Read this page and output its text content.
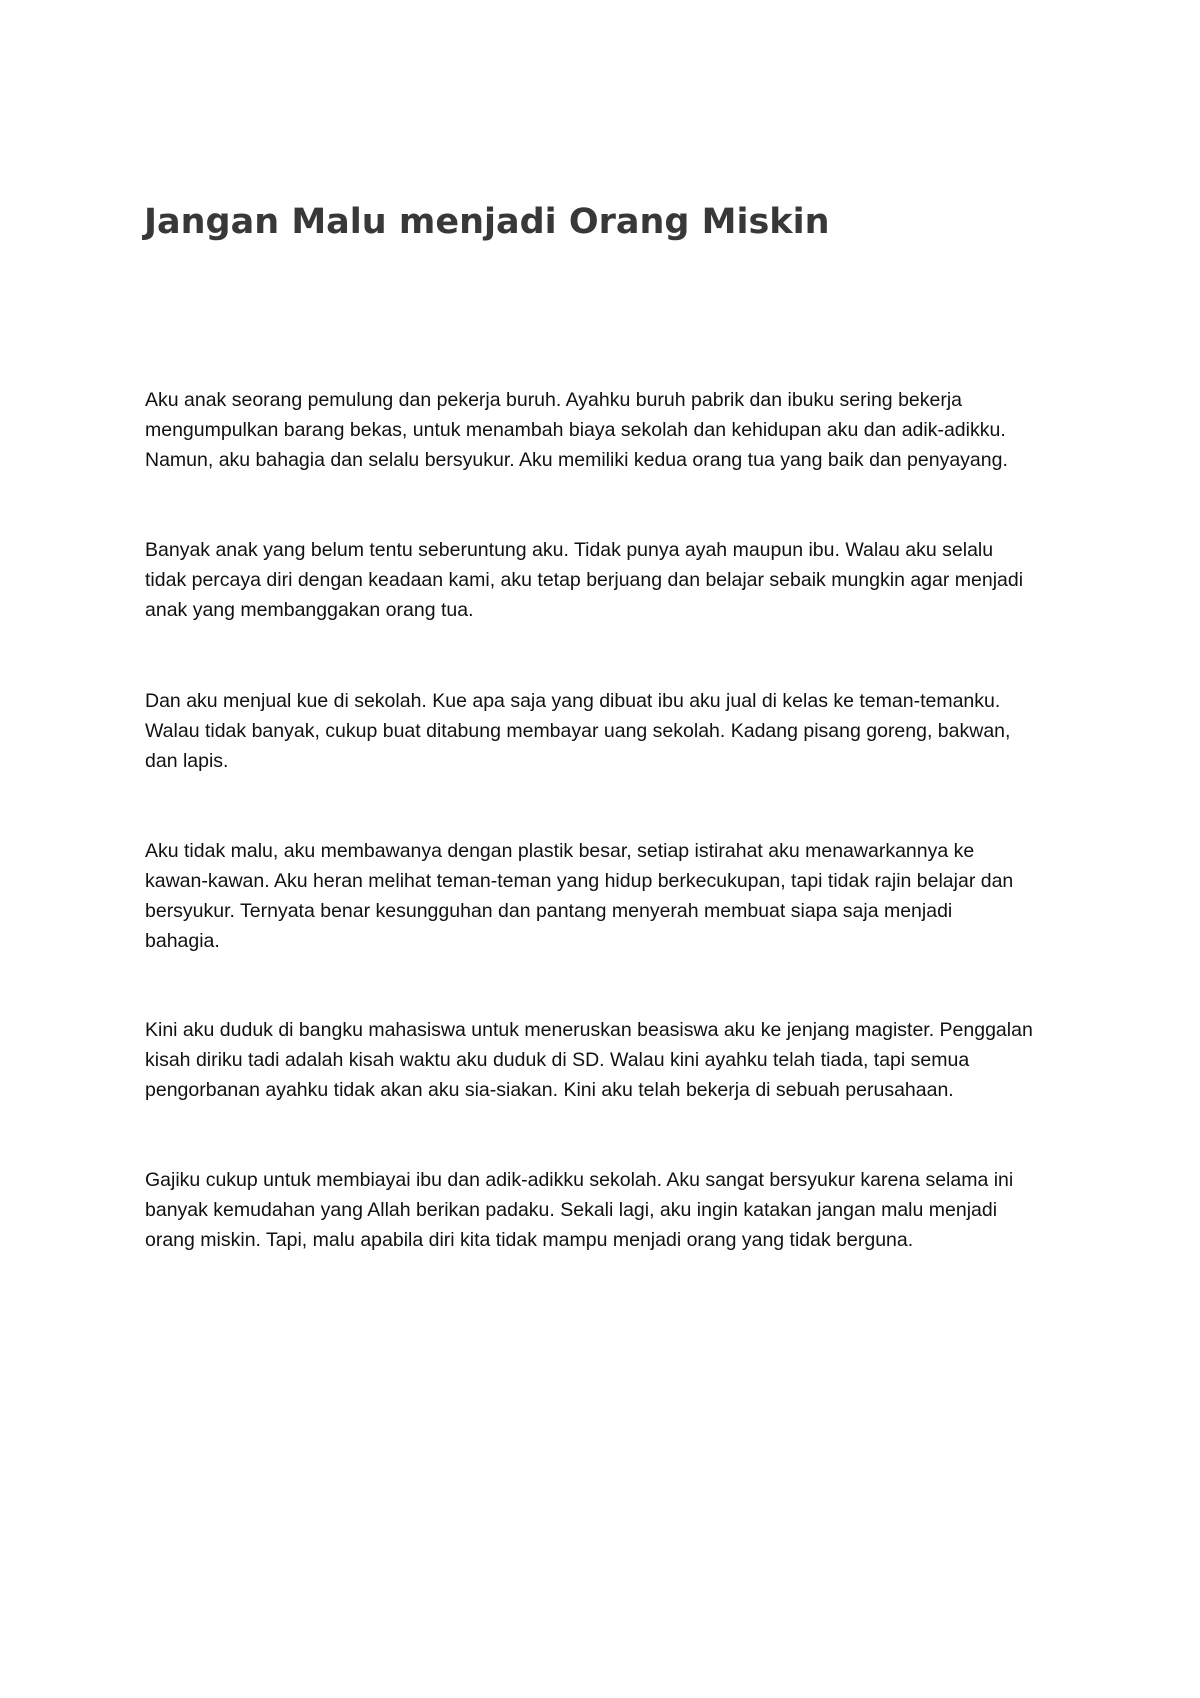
Jangan Malu menjadi Orang Miskin

Aku anak seorang pemulung dan pekerja buruh. Ayahku buruh pabrik dan ibuku sering bekerja
mengumpulkan barang bekas, untuk menambah biaya sekolah dan kehidupan aku dan adik-adikku.
Namun, aku bahagia dan selalu bersyukur. Aku memiliki kedua orang tua yang baik dan penyayang.

Banyak anak yang belum tentu seberuntung aku. Tidak punya ayah maupun ibu. Walau aku selalu
tidak percaya diri dengan keadaan kami, aku tetap berjuang dan belajar sebaik mungkin agar menjadi
anak yang membanggakan orang tua.

Dan aku menjual kue di sekolah. Kue apa saja yang dibuat ibu aku jual di kelas ke teman-temanku.
Walau tidak banyak, cukup buat ditabung membayar uang sekolah. Kadang pisang goreng, bakwan,
dan lapis.

Aku tidak malu, aku membawanya dengan plastik besar, setiap istirahat aku menawarkannya ke
kawan-kawan. Aku heran melihat teman-teman yang hidup berkecukupan, tapi tidak rajin belajar dan
bersyukur. Ternyata benar kesungguhan dan pantang menyerah membuat siapa saja menjadi
bahagia.

Kini aku duduk di bangku mahasiswa untuk meneruskan beasiswa aku ke jenjang magister. Penggalan
kisah diriku tadi adalah kisah waktu aku duduk di SD. Walau kini ayahku telah tiada, tapi semua
pengorbanan ayahku tidak akan aku sia-siakan. Kini aku telah bekerja di sebuah perusahaan.

Gajiku cukup untuk membiayai ibu dan adik-adikku sekolah. Aku sangat bersyukur karena selama ini
banyak kemudahan yang Allah berikan padaku. Sekali lagi, aku ingin katakan jangan malu menjadi
orang miskin. Tapi, malu apabila diri kita tidak mampu menjadi orang yang tidak berguna.
